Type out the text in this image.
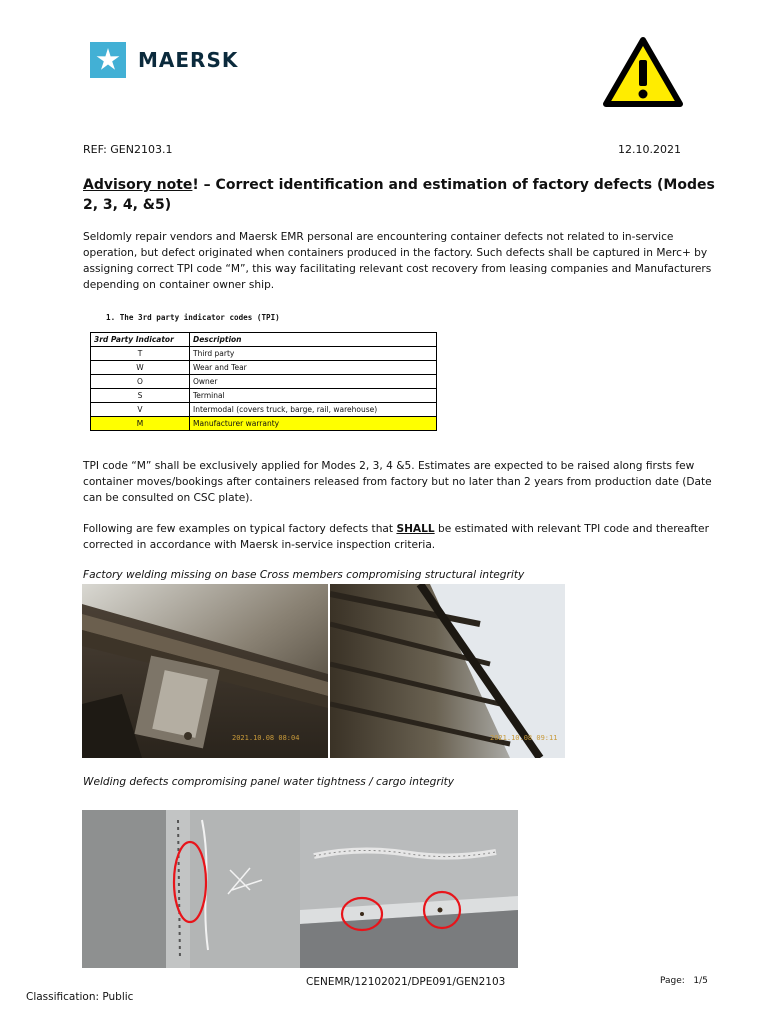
MAERSK
REF: GEN2103.1	12.10.2021
Advisory note! – Correct identification and estimation of factory defects (Modes 2, 3, 4, &5)
Seldomly repair vendors and Maersk EMR personal are encountering container defects not related to in-service operation, but defect originated when containers produced in the factory. Such defects shall be captured in Merc+ by assigning correct TPI code “M”, this way facilitating relevant cost recovery from leasing companies and Manufacturers depending on container owner ship.
1. The 3rd party indicator codes (TPI)
3rd Party Indicator	Description
T	Third party
W	Wear and Tear
O	Owner
S	Terminal
V	Intermodal (covers truck, barge, rail, warehouse)
M	Manufacturer warranty
TPI code “M” shall be exclusively applied for Modes 2, 3, 4 &5. Estimates are expected to be raised along firsts few container moves/bookings after containers released from factory but no later than 2 years from production date (Date can be consulted on CSC plate).
Following are few examples on typical factory defects that SHALL be estimated with relevant TPI code and thereafter corrected in accordance with Maersk in-service inspection criteria.
Factory welding missing on base Cross members compromising structural integrity
2021.10.08 08:04	2021.10.08 09:11
Welding defects compromising panel water tightness / cargo integrity
CENEMR/12102021/DPE091/GEN2103	Page: 1/5
Classification: Public
